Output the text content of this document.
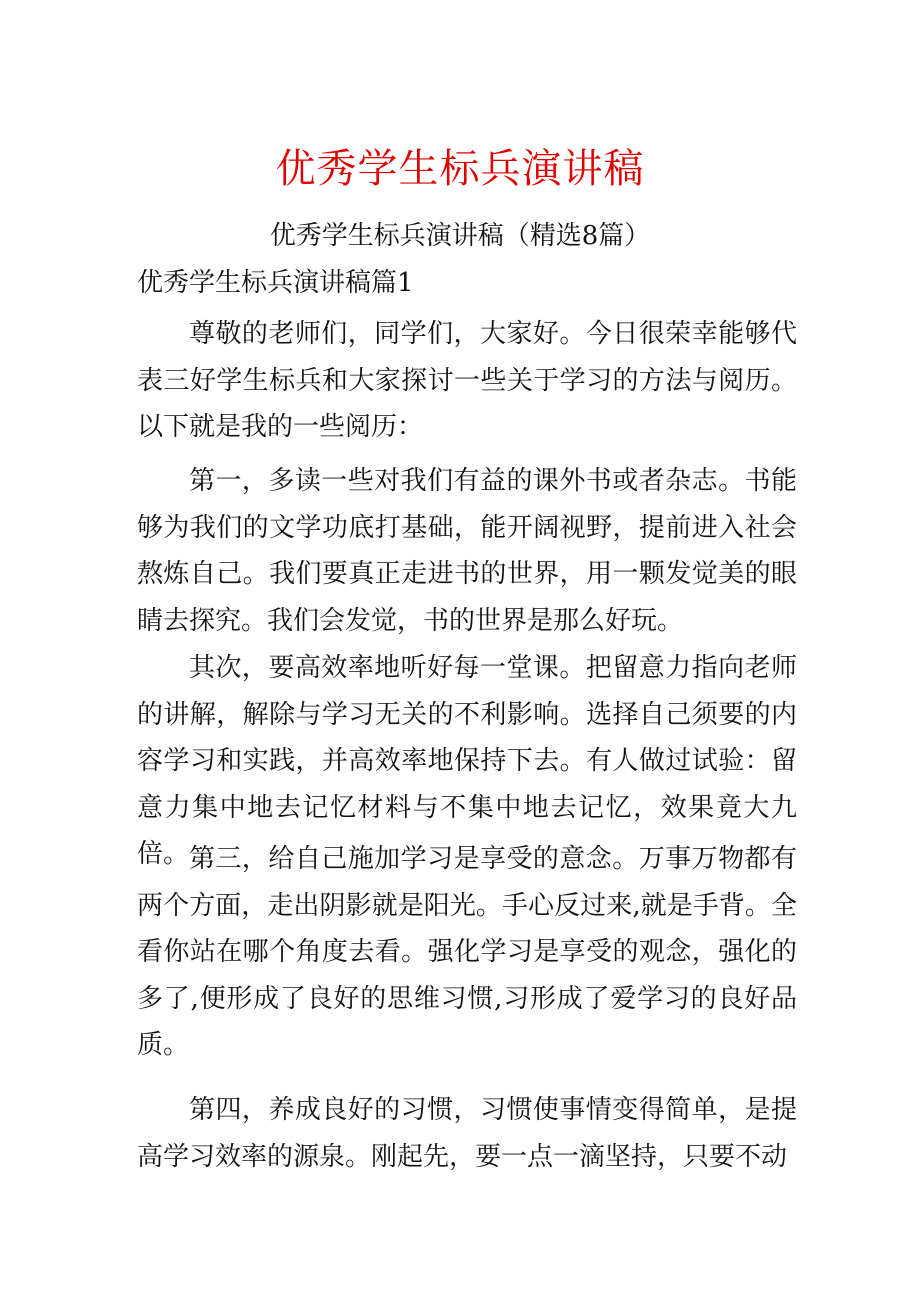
优秀学生标兵演讲稿

优秀学生标兵演讲稿（精选8篇）

优秀学生标兵演讲稿篇1

尊敬的老师们，同学们，大家好。今日很荣幸能够代表三好学生标兵和大家探讨一些关于学习的方法与阅历。以下就是我的一些阅历：

第一，多读一些对我们有益的课外书或者杂志。书能够为我们的文学功底打基础，能开阔视野，提前进入社会熬炼自己。我们要真正走进书的世界，用一颗发觉美的眼睛去探究。我们会发觉，书的世界是那么好玩。

其次，要高效率地听好每一堂课。把留意力指向老师的讲解，解除与学习无关的不利影响。选择自己须要的内容学习和实践，并高效率地保持下去。有人做过试验：留意力集中地去记忆材料与不集中地去记忆，效果竟大九倍。 第三，给自己施加学习是享受的意念。万事万物都有两个方面，走出阴影就是阳光。手心反过来,就是手背。全看你站在哪个角度去看。强化学习是享受的观念，强化的多了,便形成了良好的思维习惯,习形成了爱学习的良好品质。

第四，养成良好的习惯，习惯使事情变得简单，是提高学习效率的源泉。刚起先，要一点一滴坚持，只要不动
